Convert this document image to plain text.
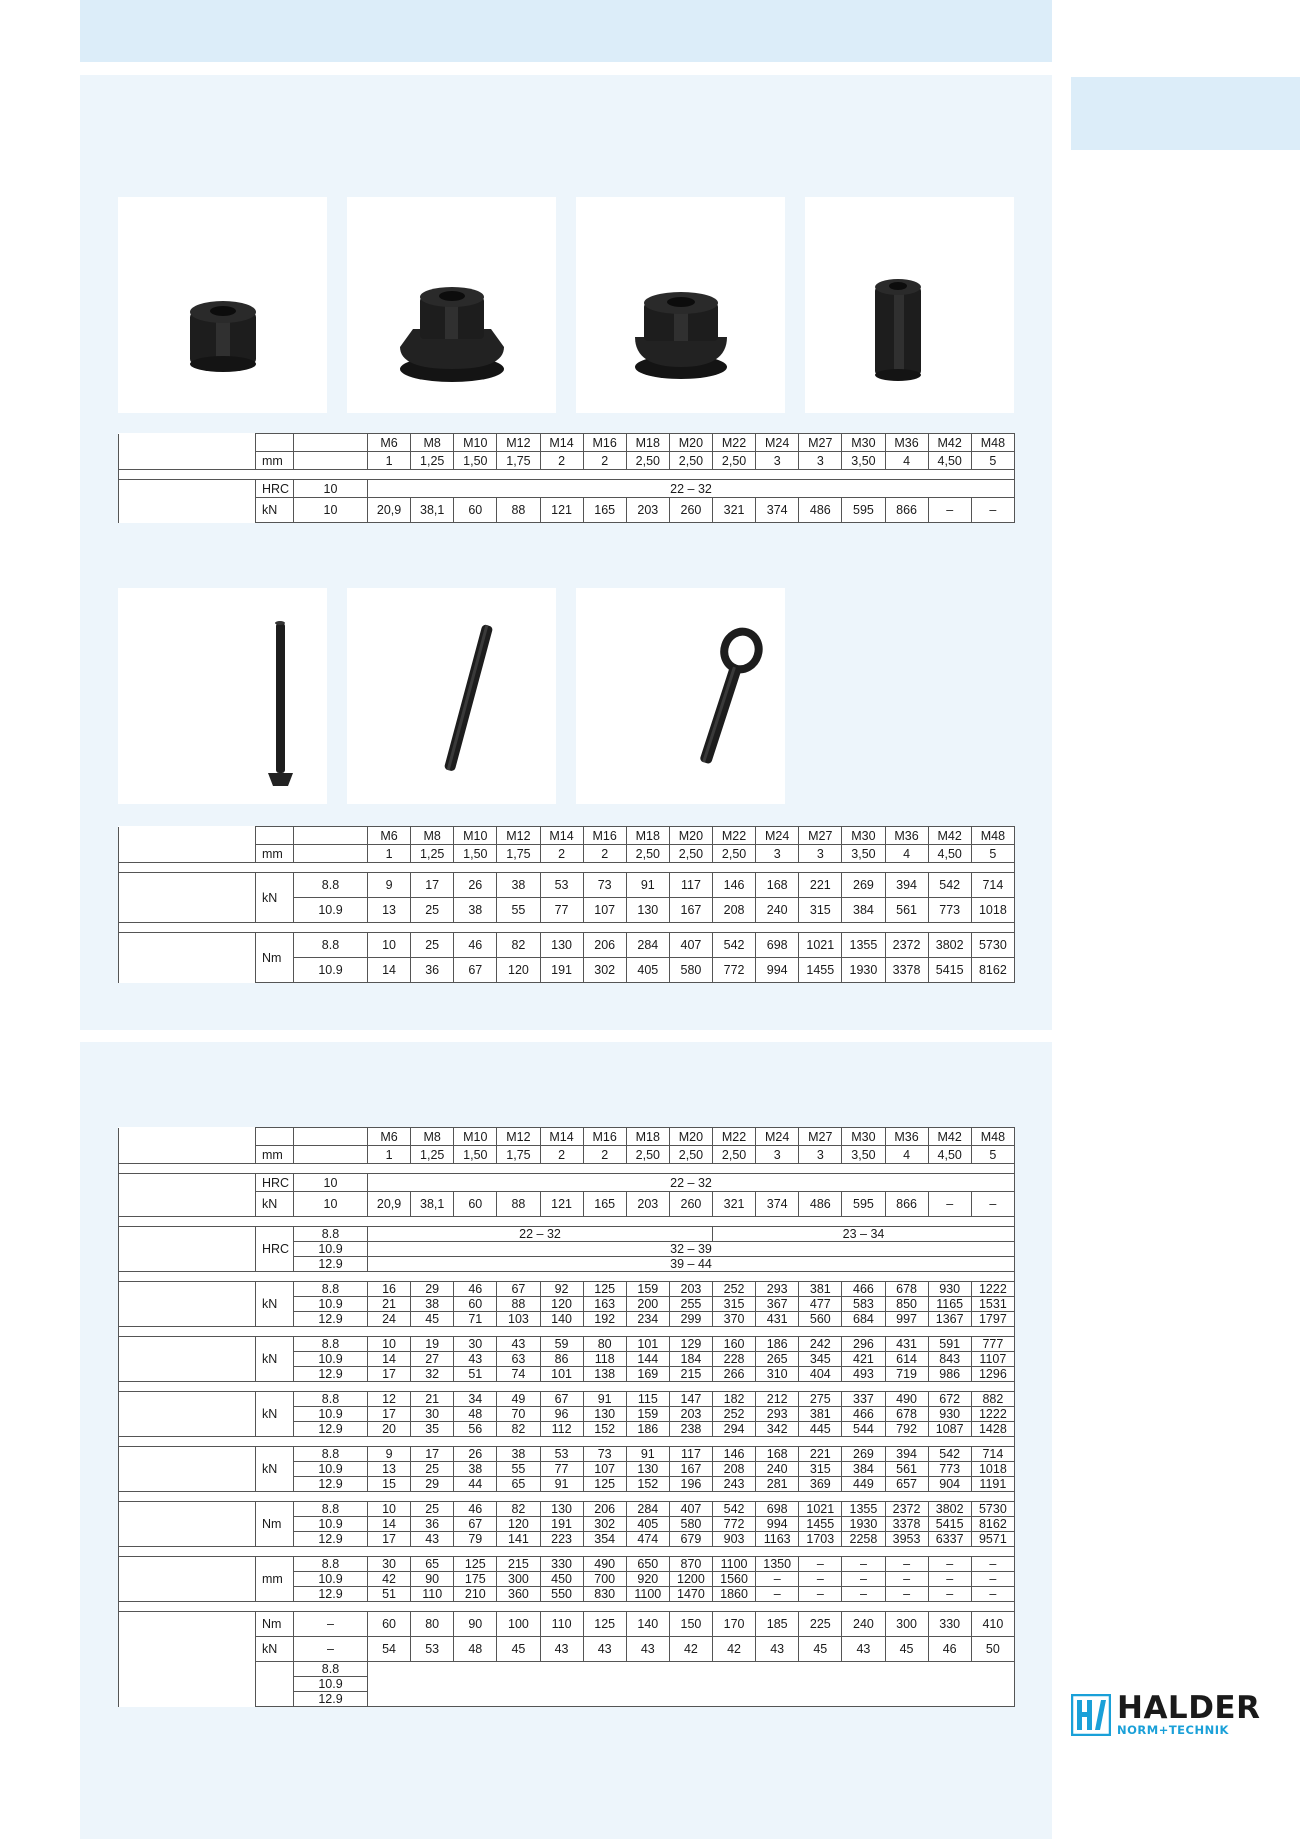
			M6	M8	M10	M12	M14	M16	M18	M20	M22	M24	M27	M30	M36	M42	M48
	mm		1	1,25	1,50	1,75	2	2	2,50	2,50	2,50	3	3	3,50	4	4,50	5

	HRC	10	22 – 32														
	kN	10	20,9	38,1	60	88	121	165	203	260	321	374	486	595	866	–	–
			M6	M8	M10	M12	M14	M16	M18	M20	M22	M24	M27	M30	M36	M42	M48
	mm		1	1,25	1,50	1,75	2	2	2,50	2,50	2,50	3	3	3,50	4	4,50	5

	kN	8.8	9	17	26	38	53	73	91	117	146	168	221	269	394	542	714
		10.9	13	25	38	55	77	107	130	167	208	240	315	384	561	773	1018

	Nm	8.8	10	25	46	82	130	206	284	407	542	698	1021	1355	2372	3802	5730
		10.9	14	36	67	120	191	302	405	580	772	994	1455	1930	3378	5415	8162
			M6	M8	M10	M12	M14	M16	M18	M20	M22	M24	M27	M30	M36	M42	M48
	mm		1	1,25	1,50	1,75	2	2	2,50	2,50	2,50	3	3	3,50	4	4,50	5

	HRC	10	22 – 32														
	kN	10	20,9	38,1	60	88	121	165	203	260	321	374	486	595	866	–	–

	HRC	8.8	22 – 32								23 – 34						
		10.9	32 – 39														
		12.9	39 – 44														

	kN	8.8	16	29	46	67	92	125	159	203	252	293	381	466	678	930	1222
		10.9	21	38	60	88	120	163	200	255	315	367	477	583	850	1165	1531
		12.9	24	45	71	103	140	192	234	299	370	431	560	684	997	1367	1797

	kN	8.8	10	19	30	43	59	80	101	129	160	186	242	296	431	591	777
		10.9	14	27	43	63	86	118	144	184	228	265	345	421	614	843	1107
		12.9	17	32	51	74	101	138	169	215	266	310	404	493	719	986	1296

	kN	8.8	12	21	34	49	67	91	115	147	182	212	275	337	490	672	882
		10.9	17	30	48	70	96	130	159	203	252	293	381	466	678	930	1222
		12.9	20	35	56	82	112	152	186	238	294	342	445	544	792	1087	1428

	kN	8.8	9	17	26	38	53	73	91	117	146	168	221	269	394	542	714
		10.9	13	25	38	55	77	107	130	167	208	240	315	384	561	773	1018
		12.9	15	29	44	65	91	125	152	196	243	281	369	449	657	904	1191

	Nm	8.8	10	25	46	82	130	206	284	407	542	698	1021	1355	2372	3802	5730
		10.9	14	36	67	120	191	302	405	580	772	994	1455	1930	3378	5415	8162
		12.9	17	43	79	141	223	354	474	679	903	1163	1703	2258	3953	6337	9571

	mm	8.8	30	65	125	215	330	490	650	870	1100	1350	–	–	–	–	–
		10.9	42	90	175	300	450	700	920	1200	1560	–	–	–	–	–	–
		12.9	51	110	210	360	550	830	1100	1470	1860	–	–	–	–	–	–

	Nm	–	60	80	90	100	110	125	140	150	170	185	225	240	300	330	410
	kN	–	54	53	48	45	43	43	43	42	42	43	45	43	45	46	50
		8.8															
		10.9															
		12.9																HALDER
NORM+TECHNIK
